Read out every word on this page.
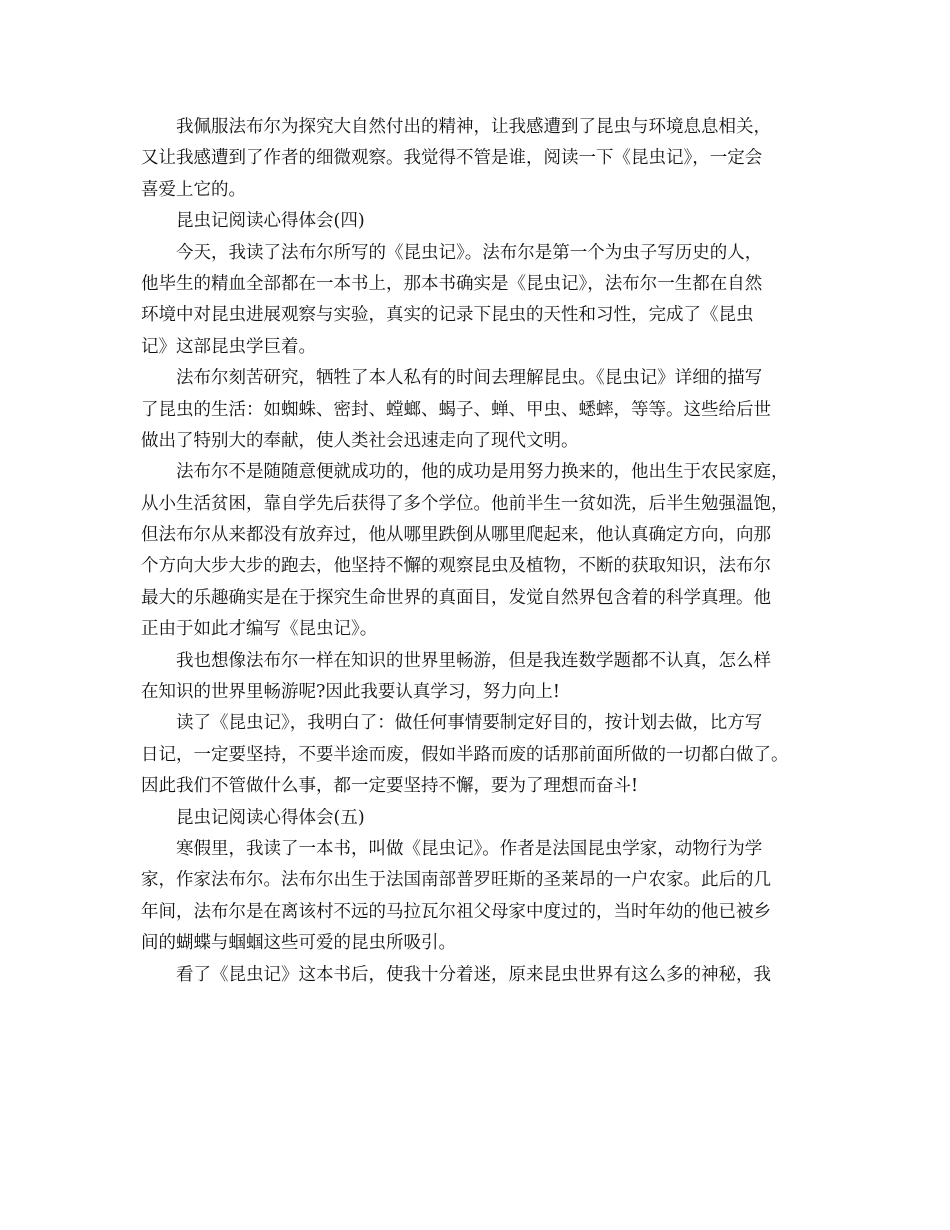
我佩服法布尔为探究大自然付出的精神，让我感遭到了昆虫与环境息息相关，
又让我感遭到了作者的细微观察。我觉得不管是谁，阅读一下《昆虫记》，一定会
喜爱上它的。
昆虫记阅读心得体会(四)
今天，我读了法布尔所写的《昆虫记》。法布尔是第一个为虫子写历史的人，
他毕生的精血全部都在一本书上，那本书确实是《昆虫记》，法布尔一生都在自然
环境中对昆虫进展观察与实验，真实的记录下昆虫的天性和习性，完成了《昆虫
记》这部昆虫学巨着。
法布尔刻苦研究，牺牲了本人私有的时间去理解昆虫。《昆虫记》详细的描写
了昆虫的生活：如蜘蛛、密封、螳螂、蝎子、蝉、甲虫、蟋蟀，等等。这些给后世
做出了特别大的奉献，使人类社会迅速走向了现代文明。
法布尔不是随随意便就成功的，他的成功是用努力换来的，他出生于农民家庭，
从小生活贫困，靠自学先后获得了多个学位。他前半生一贫如洗，后半生勉强温饱，
但法布尔从来都没有放弃过，他从哪里跌倒从哪里爬起来，他认真确定方向，向那
个方向大步大步的跑去，他坚持不懈的观察昆虫及植物，不断的获取知识，法布尔
最大的乐趣确实是在于探究生命世界的真面目，发觉自然界包含着的科学真理。他
正由于如此才编写《昆虫记》。
我也想像法布尔一样在知识的世界里畅游，但是我连数学题都不认真，怎么样
在知识的世界里畅游呢?因此我要认真学习，努力向上!
读了《昆虫记》，我明白了：做任何事情要制定好目的，按计划去做，比方写
日记，一定要坚持，不要半途而废，假如半路而废的话那前面所做的一切都白做了。
因此我们不管做什么事，都一定要坚持不懈，要为了理想而奋斗!
昆虫记阅读心得体会(五)
寒假里，我读了一本书，叫做《昆虫记》。作者是法国昆虫学家，动物行为学
家，作家法布尔。法布尔出生于法国南部普罗旺斯的圣莱昂的一户农家。此后的几
年间，法布尔是在离该村不远的马拉瓦尔祖父母家中度过的，当时年幼的他已被乡
间的蝴蝶与蝈蝈这些可爱的昆虫所吸引。
看了《昆虫记》这本书后，使我十分着迷，原来昆虫世界有这么多的神秘，我
